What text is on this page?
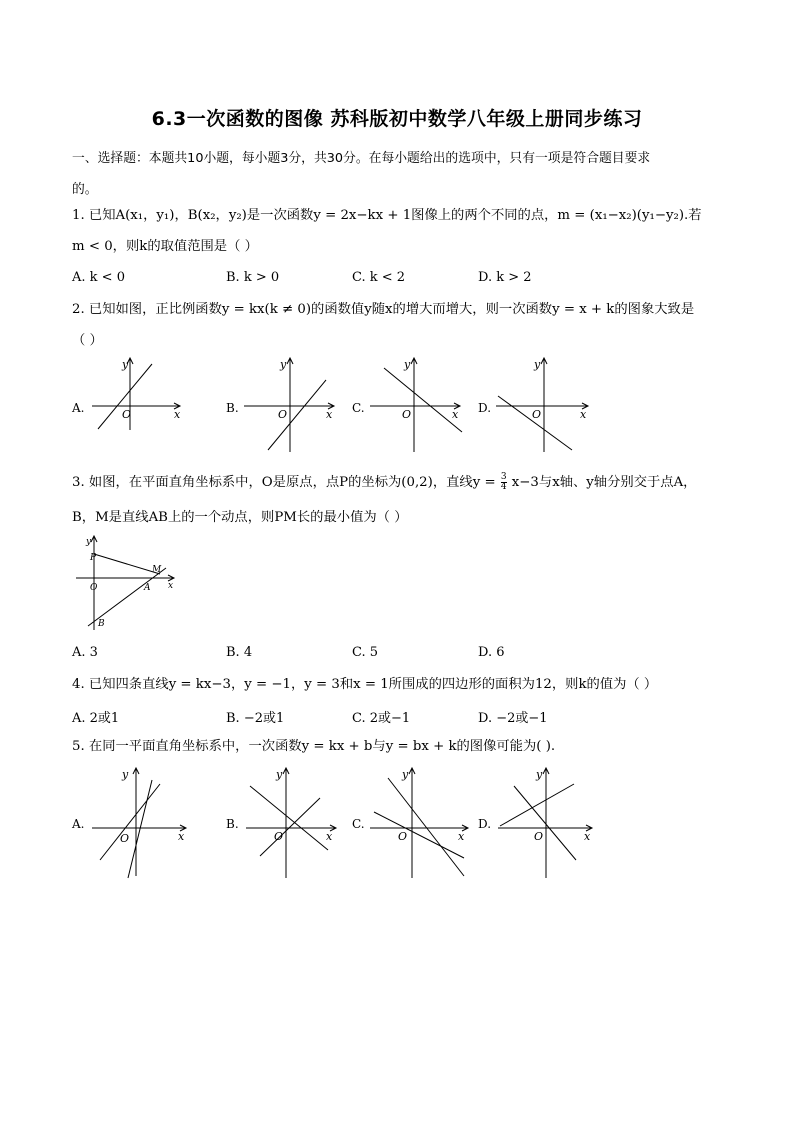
6.3一次函数的图像 苏科版初中数学八年级上册同步练习
一、选择题：本题共10小题，每小题3分，共30分。在每小题给出的选项中，只有一项是符合题目要求
的。
1. 已知A(x₁，y₁)，B(x₂，y₂)是一次函数y = 2x−kx + 1图像上的两个不同的点，m = (x₁−x₂)(y₁−y₂).若
m < 0，则k的取值范围是（ ）
A. k < 0	B. k > 0	C. k < 2	D. k > 2
2. 已知如图，正比例函数y = kx(k ≠ 0)的函数值y随x的增大而增大，则一次函数y = x + k的图象大致是
（ ）
A.
y
x
O	B.
y
x
O	C.
y
x
O	D.
y
x
O
3. 如图，在平面直角坐标系中，O是原点，点P的坐标为(0,2)，直线$y = \frac{3}{4} x-3$与x轴、y轴分别交于点A，
B，M是直线AB上的一个动点，则PM长的最小值为（ ）
y
x
P
M
O	A
B
A. 3	B. 4	C. 5	D. 6
4. 已知四条直线y = kx−3，y = −1，y = 3和x = 1所围成的四边形的面积为12，则k的值为（ ）
A. 2或1	B. −2或1	C. 2或−1	D. −2或−1
5. 在同一平面直角坐标系中，一次函数y = kx + b与y = bx + k的图像可能为( ).
A.
y
x
O
B.
y
x
O
C.
y
x
O
D.
y
x
O
